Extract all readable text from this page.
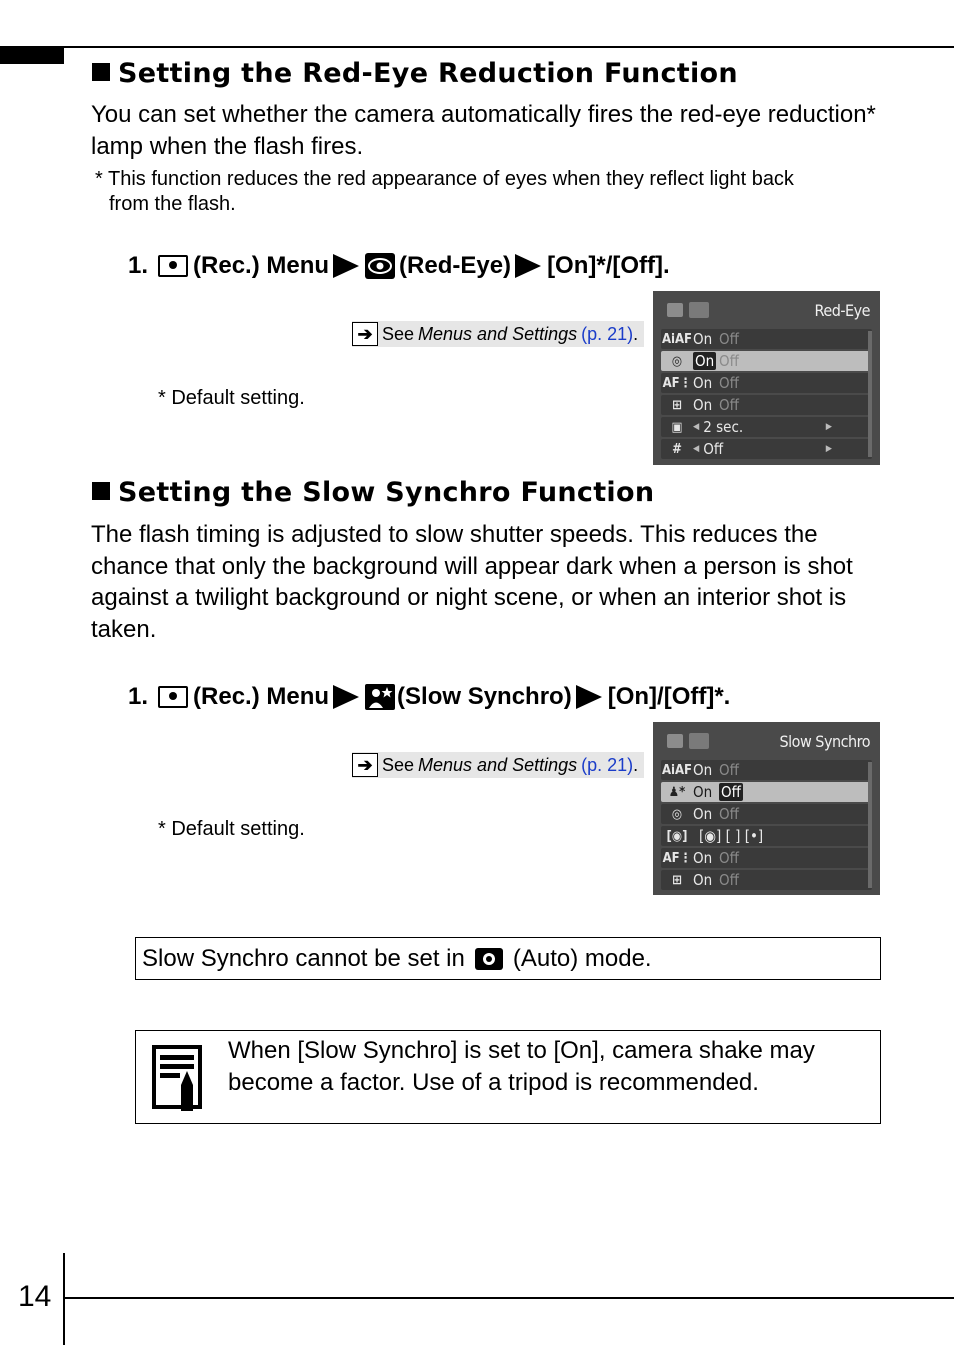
Setting the Red-Eye Reduction Function
You can set whether the camera automatically fires the red-eye reduction* lamp when the flash fires.
* This function reduces the red appearance of eyes when they reflect light back
from the flash.
1. (Rec.) Menu	(Red-Eye) [On]*/[Off].
➔ See Menus and Settings (p. 21) .
* Default setting.
Red-Eye
AiAF On Off
◎ On Off
AF⋮ On Off
⊞ On Off
▣	◀ 2 sec.	▶
#	◀ Off	▶
Setting the Slow Synchro Function
The flash timing is adjusted to slow shutter speeds. This reduces the chance that only the background will appear dark when a person is shot against a twilight background or night scene, or when an interior shot is taken.
1. (Rec.) Menu	(Slow Synchro) [On]/[Off]*.
➔ See Menus and Settings (p. 21) .
* Default setting.
Slow Synchro
AiAF On Off
♟* On Off
◎ On Off
[◉] [◉] [ ] [•]
AF⋮ On Off
⊞ On Off
Slow Synchro cannot be set in (Auto) mode.
When [Slow Synchro] is set to [On], camera shake may become a factor. Use of a tripod is recommended.
14
